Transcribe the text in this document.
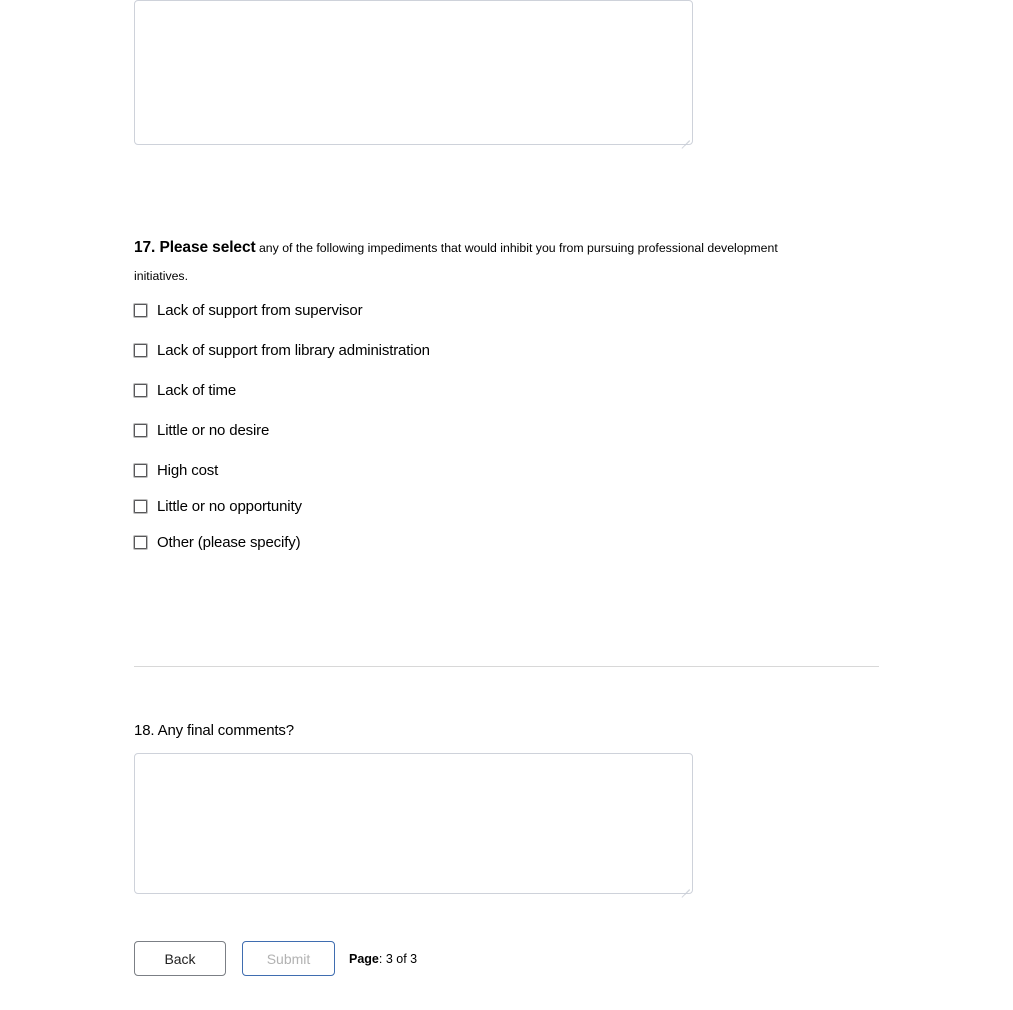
17. Please select any of the following impediments that would inhibit you from pursuing professional development initiatives.
Lack of support from supervisor
Lack of support from library administration
Lack of time
Little or no desire
High cost
Little or no opportunity
Other (please specify)
18. Any final comments?
Back	Submit	Page: 3 of 3
